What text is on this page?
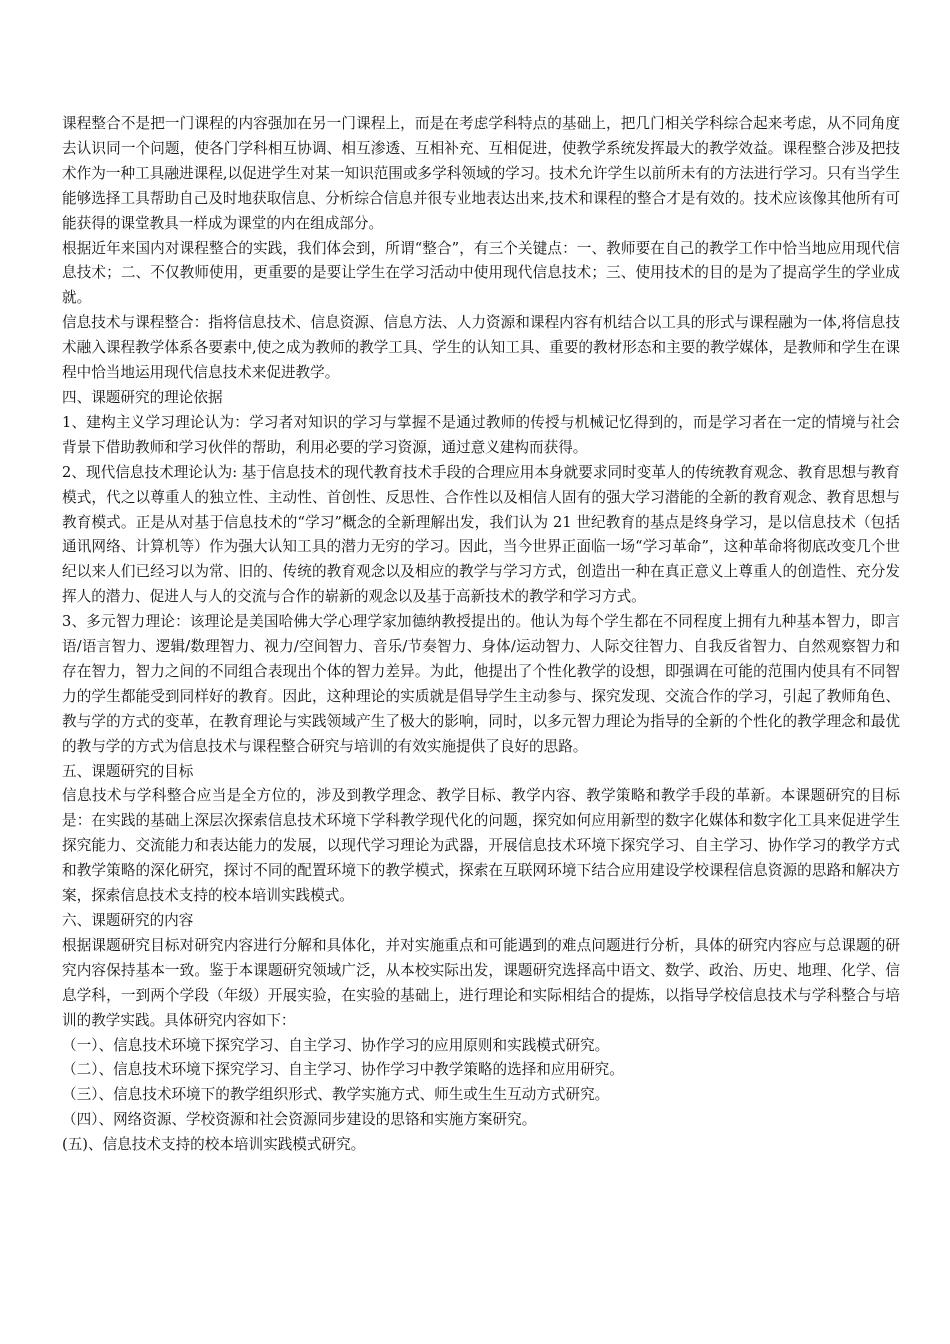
课程整合不是把一门课程的内容强加在另一门课程上，而是在考虑学科特点的基础上，把几门相关学科综合起来考虑，从不同角度去认识同一个问题，使各门学科相互协调、相互渗透、互相补充、互相促进，使教学系统发挥最大的教学效益。课程整合涉及把技术作为一种工具融进课程,以促进学生对某一知识范围或多学科领域的学习。技术允许学生以前所未有的方法进行学习。只有当学生能够选择工具帮助自己及时地获取信息、分析综合信息并很专业地表达出来,技术和课程的整合才是有效的。技术应该像其他所有可能获得的课堂教具一样成为课堂的内在组成部分。

根据近年来国内对课程整合的实践，我们体会到，所谓“整合”，有三个关键点：一、教师要在自己的教学工作中恰当地应用现代信息技术；二、不仅教师使用，更重要的是要让学生在学习活动中使用现代信息技术；三、使用技术的目的是为了提高学生的学业成就。

信息技术与课程整合：指将信息技术、信息资源、信息方法、人力资源和课程内容有机结合以工具的形式与课程融为一体,将信息技术融入课程教学体系各要素中,使之成为教师的教学工具、学生的认知工具、重要的教材形态和主要的教学媒体，是教师和学生在课程中恰当地运用现代信息技术来促进教学。

四、课题研究的理论依据

1、建构主义学习理论认为：学习者对知识的学习与掌握不是通过教师的传授与机械记忆得到的，而是学习者在一定的情境与社会背景下借助教师和学习伙伴的帮助，利用必要的学习资源，通过意义建构而获得。

2、现代信息技术理论认为: 基于信息技术的现代教育技术手段的合理应用本身就要求同时变革人的传统教育观念、教育思想与教育模式，代之以尊重人的独立性、主动性、首创性、反思性、合作性以及相信人固有的强大学习潜能的全新的教育观念、教育思想与教育模式。正是从对基于信息技术的“学习”概念的全新理解出发，我们认为 21 世纪教育的基点是终身学习，是以信息技术（包括通讯网络、计算机等）作为强大认知工具的潜力无穷的学习。因此，当今世界正面临一场“学习革命”，这种革命将彻底改变几个世纪以来人们已经习以为常、旧的、传统的教育观念以及相应的教学与学习方式，创造出一种在真正意义上尊重人的创造性、充分发挥人的潜力、促进人与人的交流与合作的崭新的观念以及基于高新技术的教学和学习方式。

3、多元智力理论：该理论是美国哈佛大学心理学家加德纳教授提出的。他认为每个学生都在不同程度上拥有九种基本智力，即言语/语言智力、逻辑/数理智力、视力/空间智力、音乐/节奏智力、身体/运动智力、人际交往智力、自我反省智力、自然观察智力和存在智力，智力之间的不同组合表现出个体的智力差异。为此，他提出了个性化教学的设想，即强调在可能的范围内使具有不同智力的学生都能受到同样好的教育。因此，这种理论的实质就是倡导学生主动参与、探究发现、交流合作的学习，引起了教师角色、教与学的方式的变革，在教育理论与实践领域产生了极大的影响，同时，以多元智力理论为指导的全新的个性化的教学理念和最优的教与学的方式为信息技术与课程整合研究与培训的有效实施提供了良好的思路。

五、课题研究的目标

信息技术与学科整合应当是全方位的，涉及到教学理念、教学目标、教学内容、教学策略和教学手段的革新。本课题研究的目标是：在实践的基础上深层次探索信息技术环境下学科教学现代化的问题，探究如何应用新型的数字化媒体和数字化工具来促进学生探究能力、交流能力和表达能力的发展，以现代学习理论为武器，开展信息技术环境下探究学习、自主学习、协作学习的教学方式和教学策略的深化研究，探讨不同的配置环境下的教学模式，探索在互联网环境下结合应用建设学校课程信息资源的思路和解决方案，探索信息技术支持的校本培训实践模式。

六、课题研究的内容

根据课题研究目标对研究内容进行分解和具体化，并对实施重点和可能遇到的难点问题进行分析，具体的研究内容应与总课题的研究内容保持基本一致。鉴于本课题研究领域广泛，从本校实际出发，课题研究选择高中语文、数学、政治、历史、地理、化学、信息学科，一到两个学段（年级）开展实验，在实验的基础上，进行理论和实际相结合的提炼，以指导学校信息技术与学科整合与培训的教学实践。具体研究内容如下：

（一）、信息技术环境下探究学习、自主学习、协作学习的应用原则和实践模式研究。

（二）、信息技术环境下探究学习、自主学习、协作学习中教学策略的选择和应用研究。

（三）、信息技术环境下的教学组织形式、教学实施方式、师生或生生互动方式研究。

（四）、网络资源、学校资源和社会资源同步建设的思铬和实施方案研究。

(五)、信息技术支持的校本培训实践模式研究。
